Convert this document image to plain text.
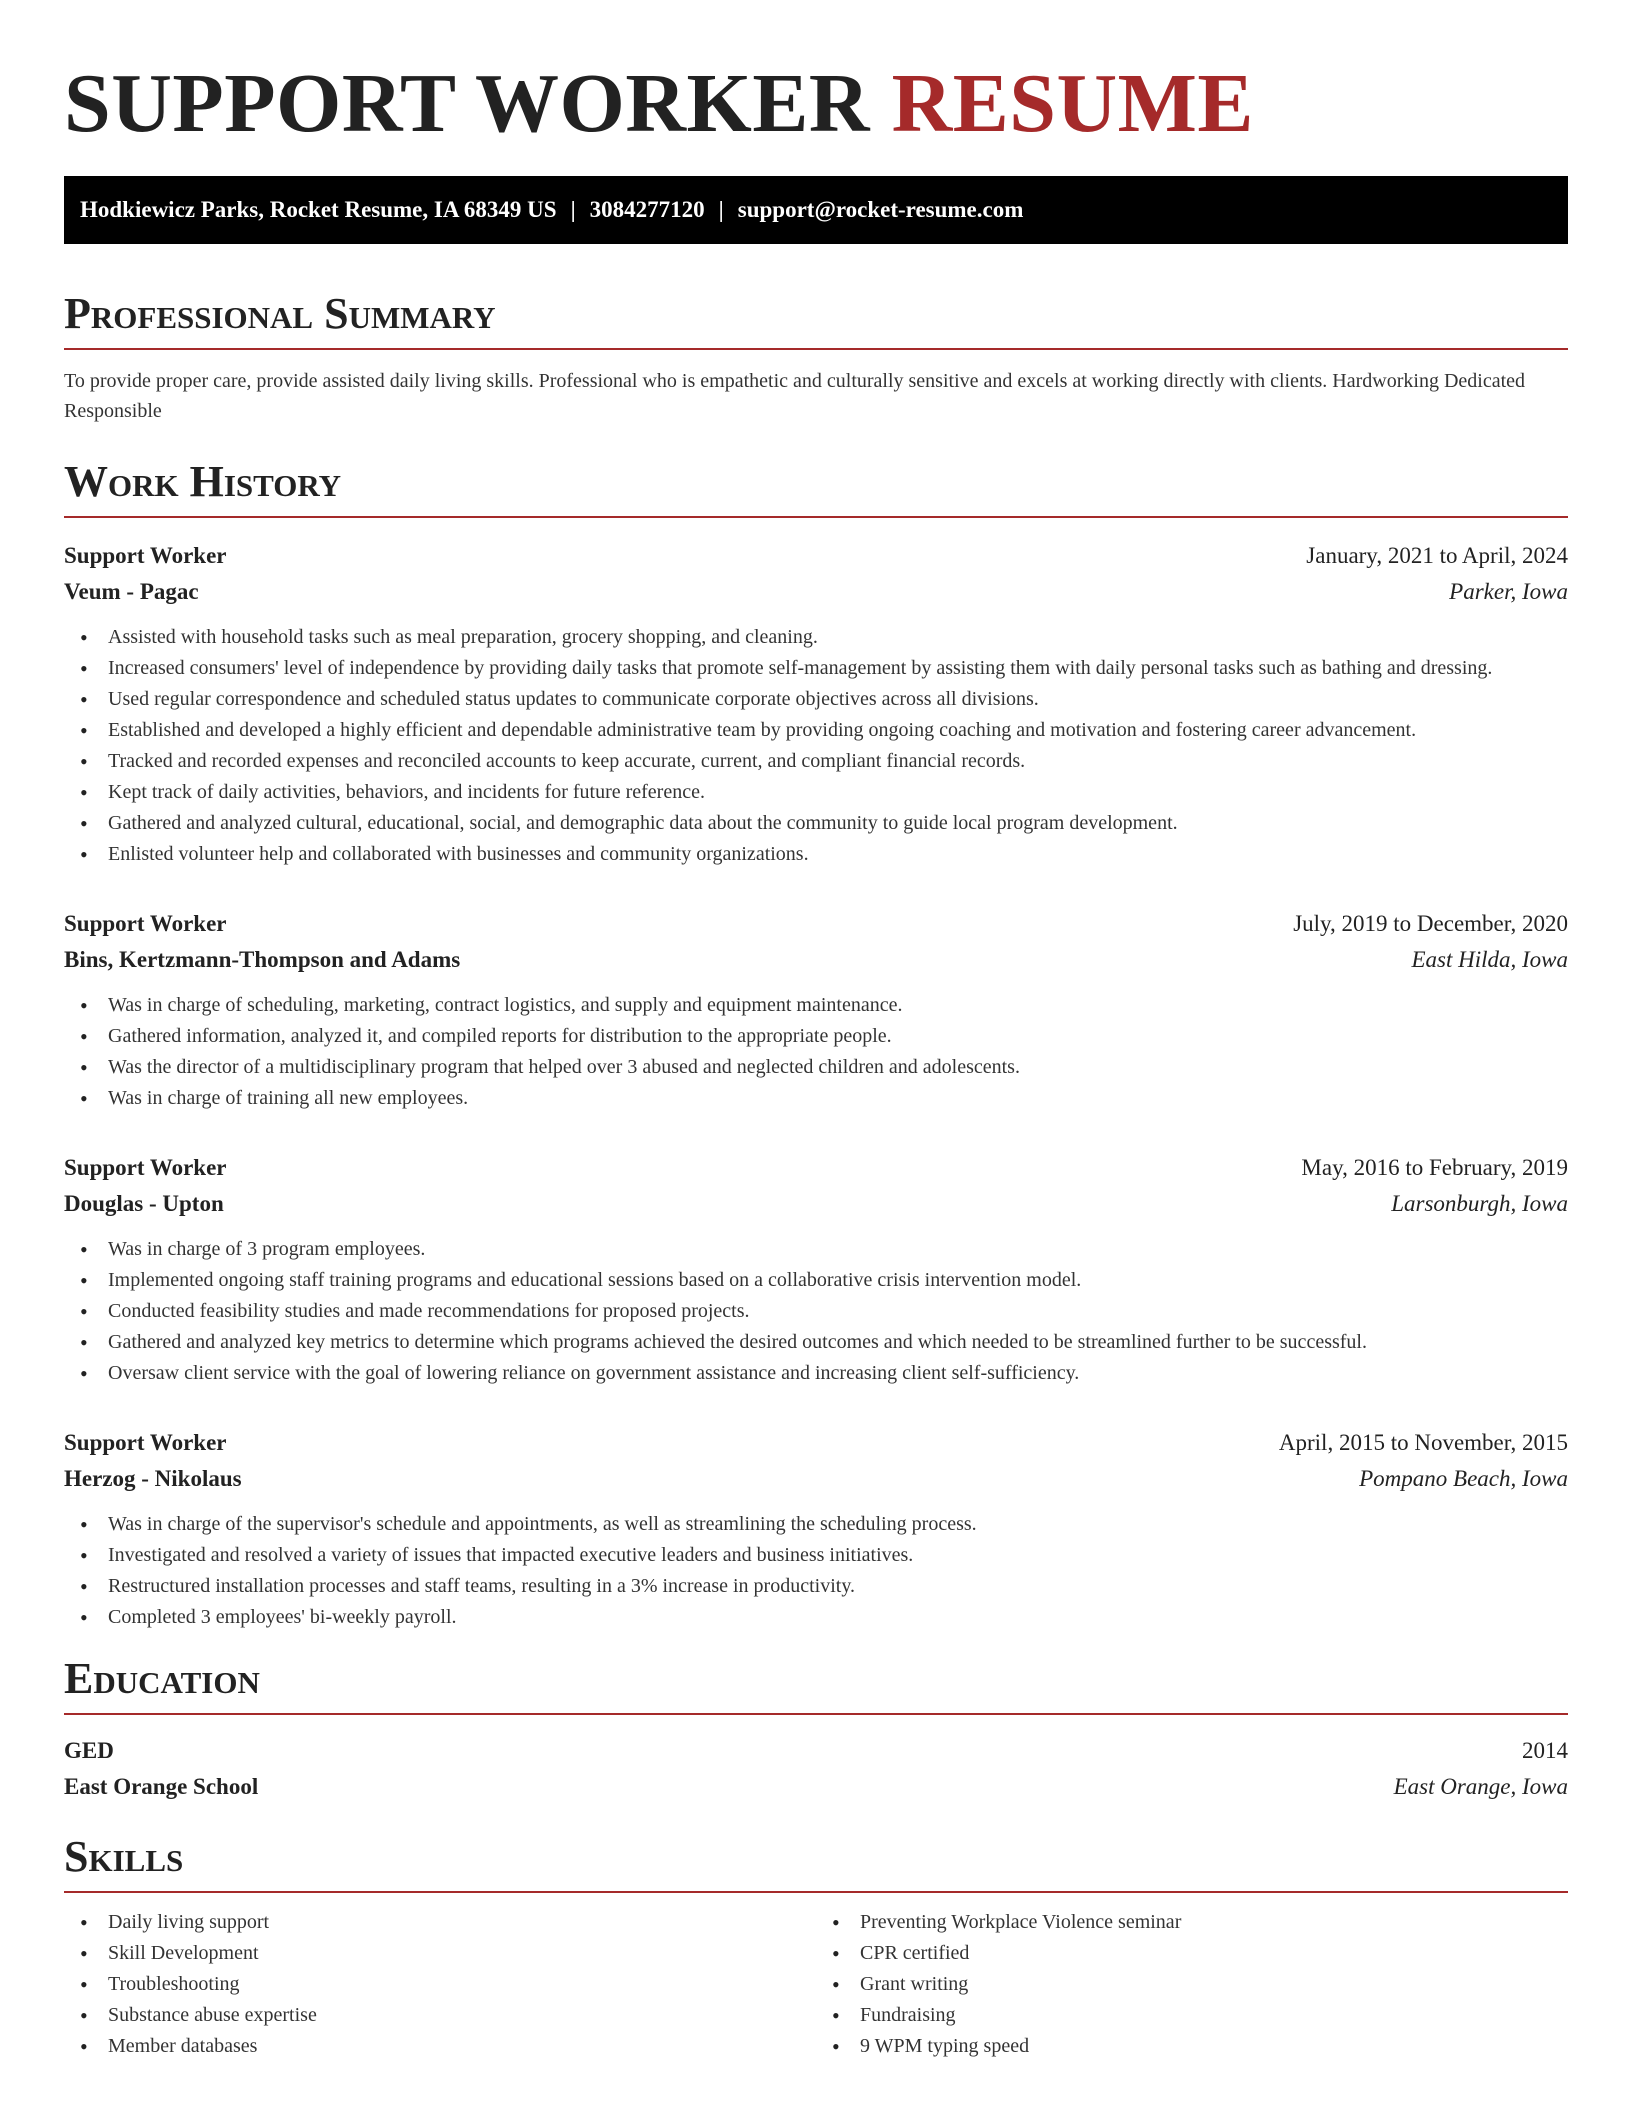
SUPPORT WORKER RESUME
Hodkiewicz Parks, Rocket Resume, IA 68349 US | 3084277120 | support@rocket-resume.com
Professional Summary

To provide proper care, provide assisted daily living skills. Professional who is empathetic and culturally sensitive and excels at working directly with clients. Hardworking Dedicated Responsible

Work History
Support Worker	January, 2021 to April, 2024
Veum - Pagac	Parker, Iowa
• Assisted with household tasks such as meal preparation, grocery shopping, and cleaning.
• Increased consumers' level of independence by providing daily tasks that promote self-management by assisting them with daily personal tasks such as bathing and dressing.
• Used regular correspondence and scheduled status updates to communicate corporate objectives across all divisions.
• Established and developed a highly efficient and dependable administrative team by providing ongoing coaching and motivation and fostering career advancement.
• Tracked and recorded expenses and reconciled accounts to keep accurate, current, and compliant financial records.
• Kept track of daily activities, behaviors, and incidents for future reference.
• Gathered and analyzed cultural, educational, social, and demographic data about the community to guide local program development.
• Enlisted volunteer help and collaborated with businesses and community organizations.
Support Worker	July, 2019 to December, 2020
Bins, Kertzmann-Thompson and Adams	East Hilda, Iowa
• Was in charge of scheduling, marketing, contract logistics, and supply and equipment maintenance.
• Gathered information, analyzed it, and compiled reports for distribution to the appropriate people.
• Was the director of a multidisciplinary program that helped over 3 abused and neglected children and adolescents.
• Was in charge of training all new employees.
Support Worker	May, 2016 to February, 2019
Douglas - Upton	Larsonburgh, Iowa
• Was in charge of 3 program employees.
• Implemented ongoing staff training programs and educational sessions based on a collaborative crisis intervention model.
• Conducted feasibility studies and made recommendations for proposed projects.
• Gathered and analyzed key metrics to determine which programs achieved the desired outcomes and which needed to be streamlined further to be successful.
• Oversaw client service with the goal of lowering reliance on government assistance and increasing client self-sufficiency.
Support Worker	April, 2015 to November, 2015
Herzog - Nikolaus	Pompano Beach, Iowa
• Was in charge of the supervisor's schedule and appointments, as well as streamlining the scheduling process.
• Investigated and resolved a variety of issues that impacted executive leaders and business initiatives.
• Restructured installation processes and staff teams, resulting in a 3% increase in productivity.
• Completed 3 employees' bi-weekly payroll.
Education
GED	2014
East Orange School	East Orange, Iowa
Skills
• Daily living support
• Skill Development
• Troubleshooting
• Substance abuse expertise
• Member databases
• Preventing Workplace Violence seminar
• CPR certified
• Grant writing
• Fundraising
• 9 WPM typing speed
